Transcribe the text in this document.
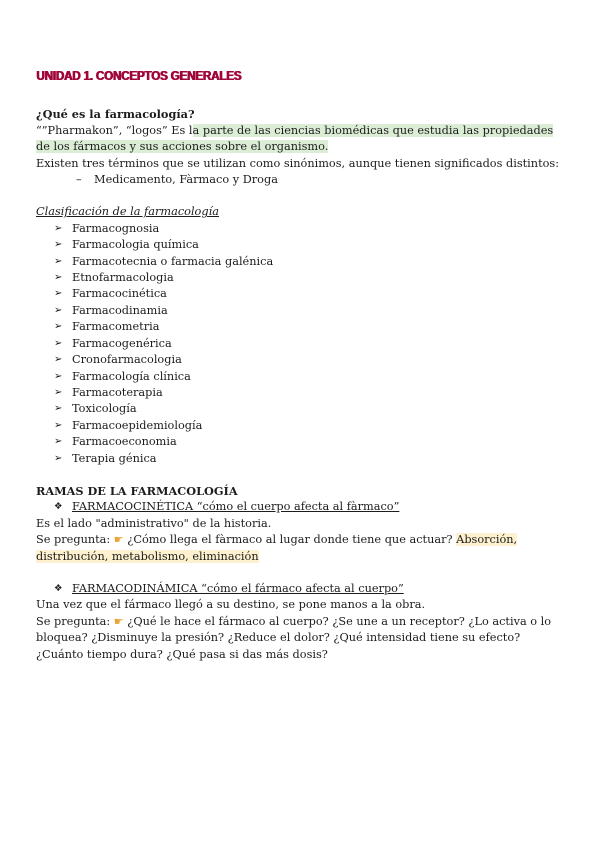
UNIDAD 1. CONCEPTOS GENERALES

¿Qué es la farmacología?

“”Pharmakon”, “logos” Es la parte de las ciencias biomédicas que estudia las propiedades de los fármacos y sus acciones sobre el organismo.

Existen tres términos que se utilizan como sinónimos, aunque tienen significados distintos:

– Medicamento, Fàrmaco y Droga

Clasificación de la farmacología

➢ Farmacognosia
➢ Farmacologia química
➢ Farmacotecnia o farmacia galénica
➢ Etnofarmacologia
➢ Farmacocinética
➢ Farmacodinamia
➢ Farmacometria
➢ Farmacogenérica
➢ Cronofarmacologia
➢ Farmacología clínica
➢ Farmacoterapia
➢ Toxicología
➢ Farmacoepidemiología
➢ Farmacoeconomia
➢ Terapia génica

RAMAS DE LA FARMACOLOGÍA

❖ FARMACOCINÉTICA “cómo el cuerpo afecta al fàrmaco”

Es el lado "administrativo" de la historia.

Se pregunta: ☛ ¿Cómo llega el fàrmaco al lugar donde tiene que actuar? Absorción, distribución, metabolismo, eliminación

❖ FARMACODINÁMICA “cómo el fármaco afecta al cuerpo”

Una vez que el fármaco llegó a su destino, se pone manos a la obra.

Se pregunta: ☛ ¿Qué le hace el fármaco al cuerpo? ¿Se une a un receptor? ¿Lo activa o lo bloquea? ¿Disminuye la presión? ¿Reduce el dolor? ¿Qué intensidad tiene su efecto? ¿Cuánto tiempo dura? ¿Qué pasa si das más dosis?
